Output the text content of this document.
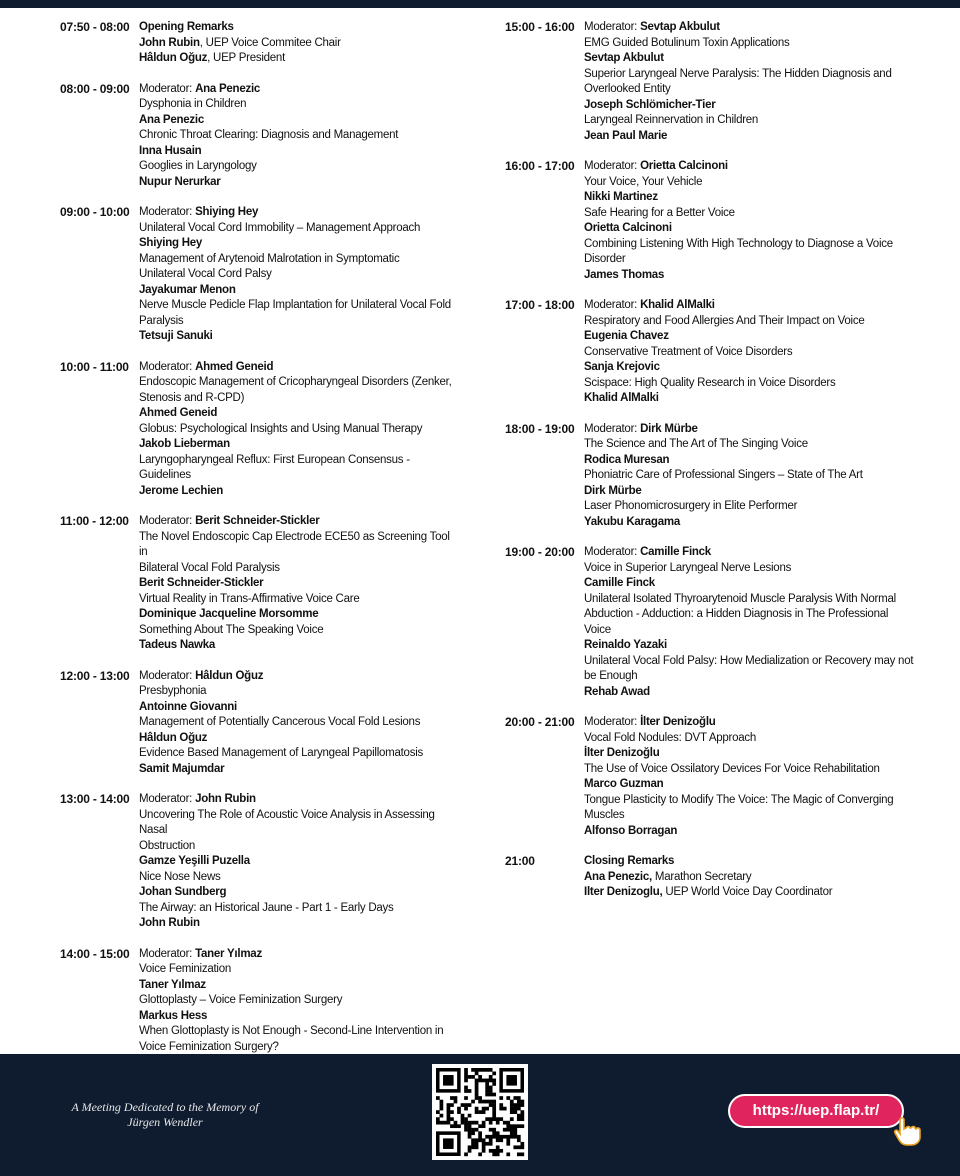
07:50 - 08:00 Opening Remarks
John Rubin, UEP Voice Commitee Chair
Hâldun Oğuz, UEP President
08:00 - 09:00 Moderator: Ana Penezic
Dysphonia in Children
Ana Penezic
Chronic Throat Clearing: Diagnosis and Management
Inna Husain
Googlies in Laryngology
Nupur Nerurkar
09:00 - 10:00 Moderator: Shiying Hey
Unilateral Vocal Cord Immobility – Management Approach
Shiying Hey
Management of Arytenoid Malrotation in Symptomatic
Unilateral Vocal Cord Palsy
Jayakumar Menon
Nerve Muscle Pedicle Flap Implantation for Unilateral Vocal Fold
Paralysis
Tetsuji Sanuki
10:00 - 11:00 Moderator: Ahmed Geneid
Endoscopic Management of Cricopharyngeal Disorders (Zenker,
Stenosis and R-CPD)
Ahmed Geneid
Globus: Psychological Insights and Using Manual Therapy
Jakob Lieberman
Laryngopharyngeal Reflux: First European Consensus -
Guidelines
Jerome Lechien
11:00 - 12:00 Moderator: Berit Schneider-Stickler
The Novel Endoscopic Cap Electrode ECE50 as Screening Tool in
Bilateral Vocal Fold Paralysis
Berit Schneider-Stickler
Virtual Reality in Trans-Affirmative Voice Care
Dominique Jacqueline Morsomme
Something About The Speaking Voice
Tadeus Nawka
12:00 - 13:00 Moderator: Hâldun Oğuz
Presbyphonia
Antoinne Giovanni
Management of Potentially Cancerous Vocal Fold Lesions
Hâldun Oğuz
Evidence Based Management of Laryngeal Papillomatosis
Samit Majumdar
13:00 - 14:00 Moderator: John Rubin
Uncovering The Role of Acoustic Voice Analysis in Assessing Nasal
Obstruction
Gamze Yeşilli Puzella
Nice Nose News
Johan Sundberg
The Airway: an Historical Jaune - Part 1 - Early Days
John Rubin
14:00 - 15:00 Moderator: Taner Yılmaz
Voice Feminization
Taner Yılmaz
Glottoplasty – Voice Feminization Surgery
Markus Hess
When Glottoplasty is Not Enough - Second-Line Intervention in
Voice Feminization Surgery?
15:00 - 16:00 Moderator: Sevtap Akbulut
EMG Guided Botulinum Toxin Applications
Sevtap Akbulut
Superior Laryngeal Nerve Paralysis: The Hidden Diagnosis and
Overlooked Entity
Joseph Schlömicher-Tier
Laryngeal Reinnervation in Children
Jean Paul Marie
16:00 - 17:00 Moderator: Orietta Calcinoni
Your Voice, Your Vehicle
Nikki Martinez
Safe Hearing for a Better Voice
Orietta Calcinoni
Combining Listening With High Technology to Diagnose a Voice
Disorder
James Thomas
17:00 - 18:00 Moderator: Khalid AlMalki
Respiratory and Food Allergies And Their Impact on Voice
Eugenia Chavez
Conservative Treatment of Voice Disorders
Sanja Krejovic
Scispace: High Quality Research in Voice Disorders
Khalid AlMalki
18:00 - 19:00 Moderator: Dirk Mürbe
The Science and The Art of The Singing Voice
Rodica Muresan
Phoniatric Care of Professional Singers – State of The Art
Dirk Mürbe
Laser Phonomicrosurgery in Elite Performer
Yakubu Karagama
19:00 - 20:00 Moderator: Camille Finck
Voice in Superior Laryngeal Nerve Lesions
Camille Finck
Unilateral Isolated Thyroarytenoid Muscle Paralysis With Normal
Abduction - Adduction: a Hidden Diagnosis in The Professional
Voice
Reinaldo Yazaki
Unilateral Vocal Fold Palsy: How Medialization or Recovery may not
be Enough
Rehab Awad
20:00 - 21:00 Moderator: İlter Denizoğlu
Vocal Fold Nodules: DVT Approach
İlter Denizoğlu
The Use of Voice Ossilatory Devices For Voice Rehabilitation
Marco Guzman
Tongue Plasticity to Modify The Voice: The Magic of Converging
Muscles
Alfonso Borragan
21:00	Closing Remarks
Ana Penezic, Marathon Secretary
Ilter Denizoglu, UEP World Voice Day Coordinator
A Meeting Dedicated to the Memory of
Jürgen Wendler
https://uep.flap.tr/
